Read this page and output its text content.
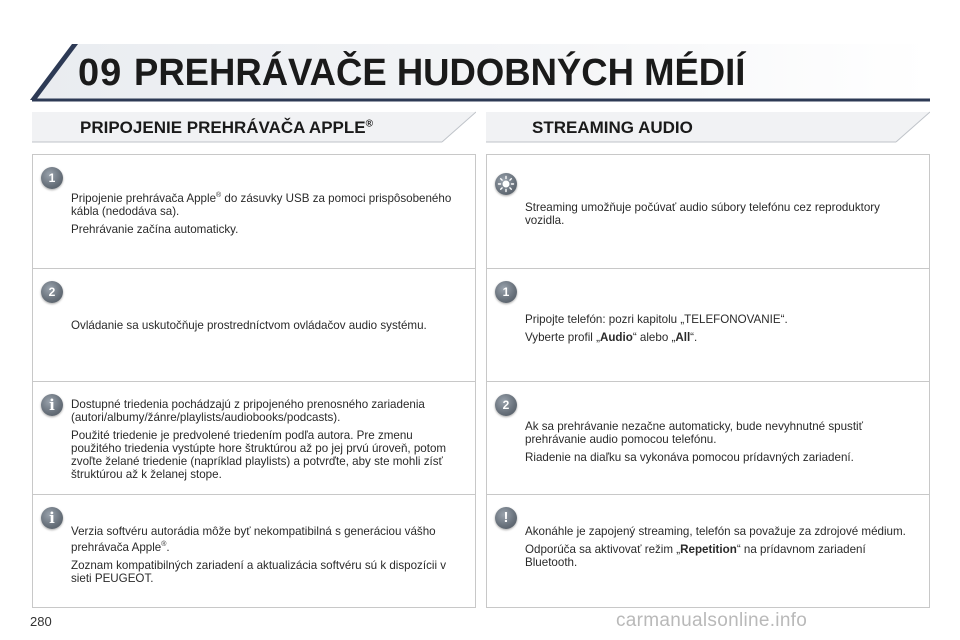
09 PREHRÁVAČE HUDOBNÝCH MÉDIÍ
PRIPOJENIE PREHRÁVAČA APPLE®	STREAMING AUDIO
1

Pripojenie prehrávača Apple® do zásuvky USB za pomoci prispôsobeného kábla (nedodáva sa).

Prehrávanie začína automaticky.

2

Ovládanie sa uskutočňuje prostredníctvom ovládačov audio systému.

i	Dostupné triedenia pochádzajú z pripojeného prenosného zariadenia (autori/albumy/žánre/playlists/audiobooks/podcasts).

Použité triedenie je predvolené triedením podľa autora. Pre zmenu použitého triedenia vystúpte hore štruktúrou až po jej prvú úroveň, potom zvoľte želané triedenie (napríklad playlists) a potvrďte, aby ste mohli zísť štruktúrou až k želanej stope.

i

Verzia softvéru autorádia môže byť nekompatibilná s generáciou vášho prehrávača Apple®.

Zoznam kompatibilných zariadení a aktualizácia softvéru sú k dispozícii v sieti PEUGEOT.

Streaming umožňuje počúvať audio súbory telefónu cez reproduktory vozidla.

1

Pripojte telefón: pozri kapitolu „TELEFONOVANIE“.

Vyberte profil „Audio“ alebo „All“.

2

Ak sa prehrávanie nezačne automaticky, bude nevyhnutné spustiť prehrávanie audio pomocou telefónu.

Riadenie na diaľku sa vykonáva pomocou prídavných zariadení.

!

Akonáhle je zapojený streaming, telefón sa považuje za zdrojové médium.

Odporúča sa aktivovať režim „Repetition“ na prídavnom zariadení Bluetooth.

280	carmanualsonline.info
